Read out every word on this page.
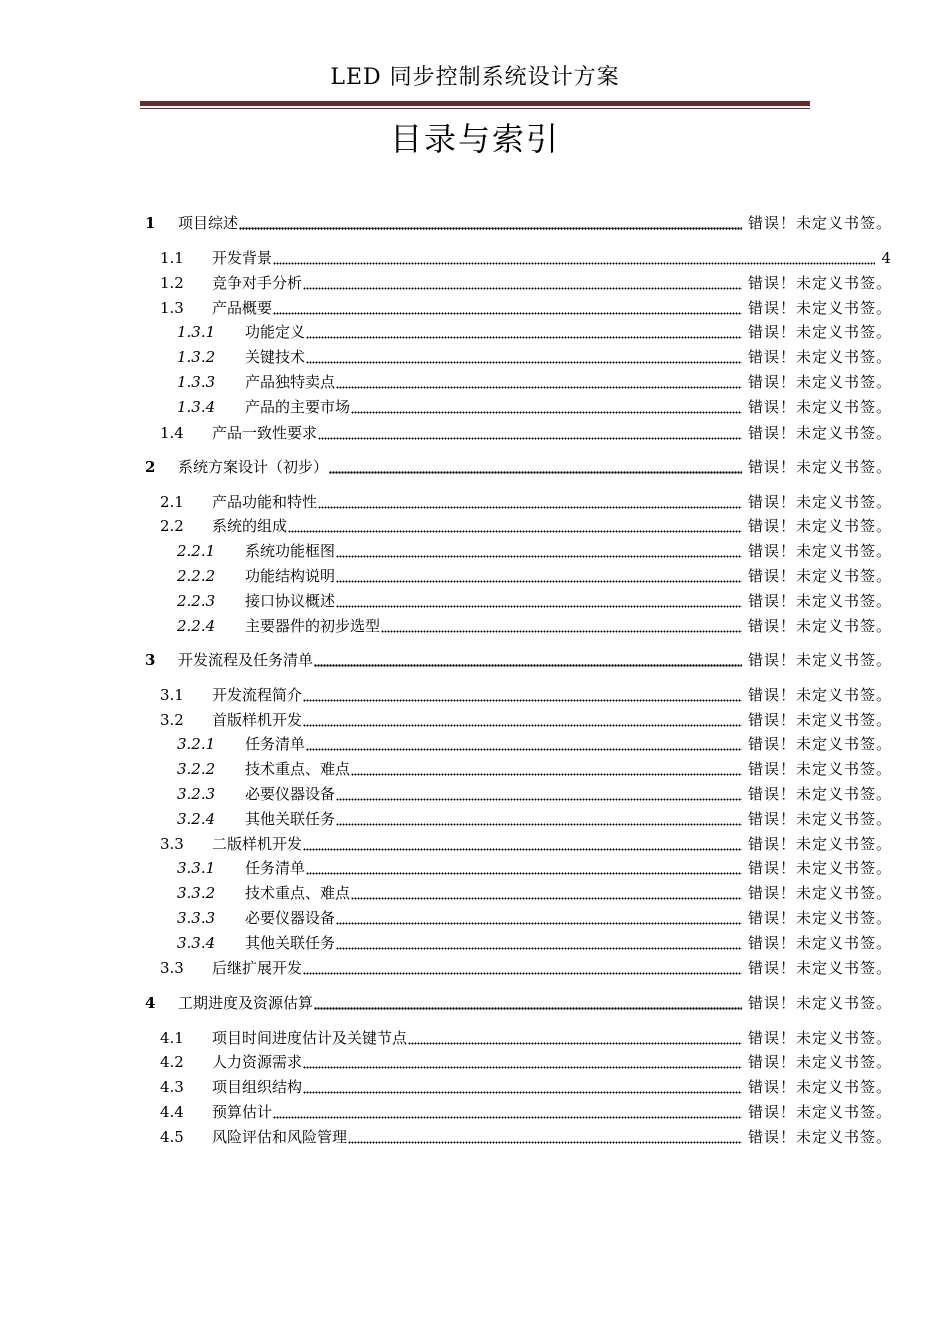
LED 同步控制系统设计方案
目录与索引
1 项目综述	错误！未定义书签。
1.1 开发背景	4
1.2 竞争对手分析	错误！未定义书签。
1.3 产品概要	错误！未定义书签。
1.3.1 功能定义	错误！未定义书签。
1.3.2 关键技术	错误！未定义书签。
1.3.3 产品独特卖点	错误！未定义书签。
1.3.4 产品的主要市场	错误！未定义书签。
1.4 产品一致性要求	错误！未定义书签。
2 系统方案设计（初步）	错误！未定义书签。
2.1 产品功能和特性	错误！未定义书签。
2.2 系统的组成	错误！未定义书签。
2.2.1 系统功能框图	错误！未定义书签。
2.2.2 功能结构说明	错误！未定义书签。
2.2.3 接口协议概述	错误！未定义书签。
2.2.4 主要器件的初步选型	错误！未定义书签。
3 开发流程及任务清单	错误！未定义书签。
3.1 开发流程简介	错误！未定义书签。
3.2 首版样机开发	错误！未定义书签。
3.2.1 任务清单	错误！未定义书签。
3.2.2 技术重点、难点	错误！未定义书签。
3.2.3 必要仪器设备	错误！未定义书签。
3.2.4 其他关联任务	错误！未定义书签。
3.3 二版样机开发	错误！未定义书签。
3.3.1 任务清单	错误！未定义书签。
3.3.2 技术重点、难点	错误！未定义书签。
3.3.3 必要仪器设备	错误！未定义书签。
3.3.4 其他关联任务	错误！未定义书签。
3.3 后继扩展开发	错误！未定义书签。
4 工期进度及资源估算	错误！未定义书签。
4.1 项目时间进度估计及关键节点	错误！未定义书签。
4.2 人力资源需求	错误！未定义书签。
4.3 项目组织结构	错误！未定义书签。
4.4 预算估计	错误！未定义书签。
4.5 风险评估和风险管理	错误！未定义书签。
